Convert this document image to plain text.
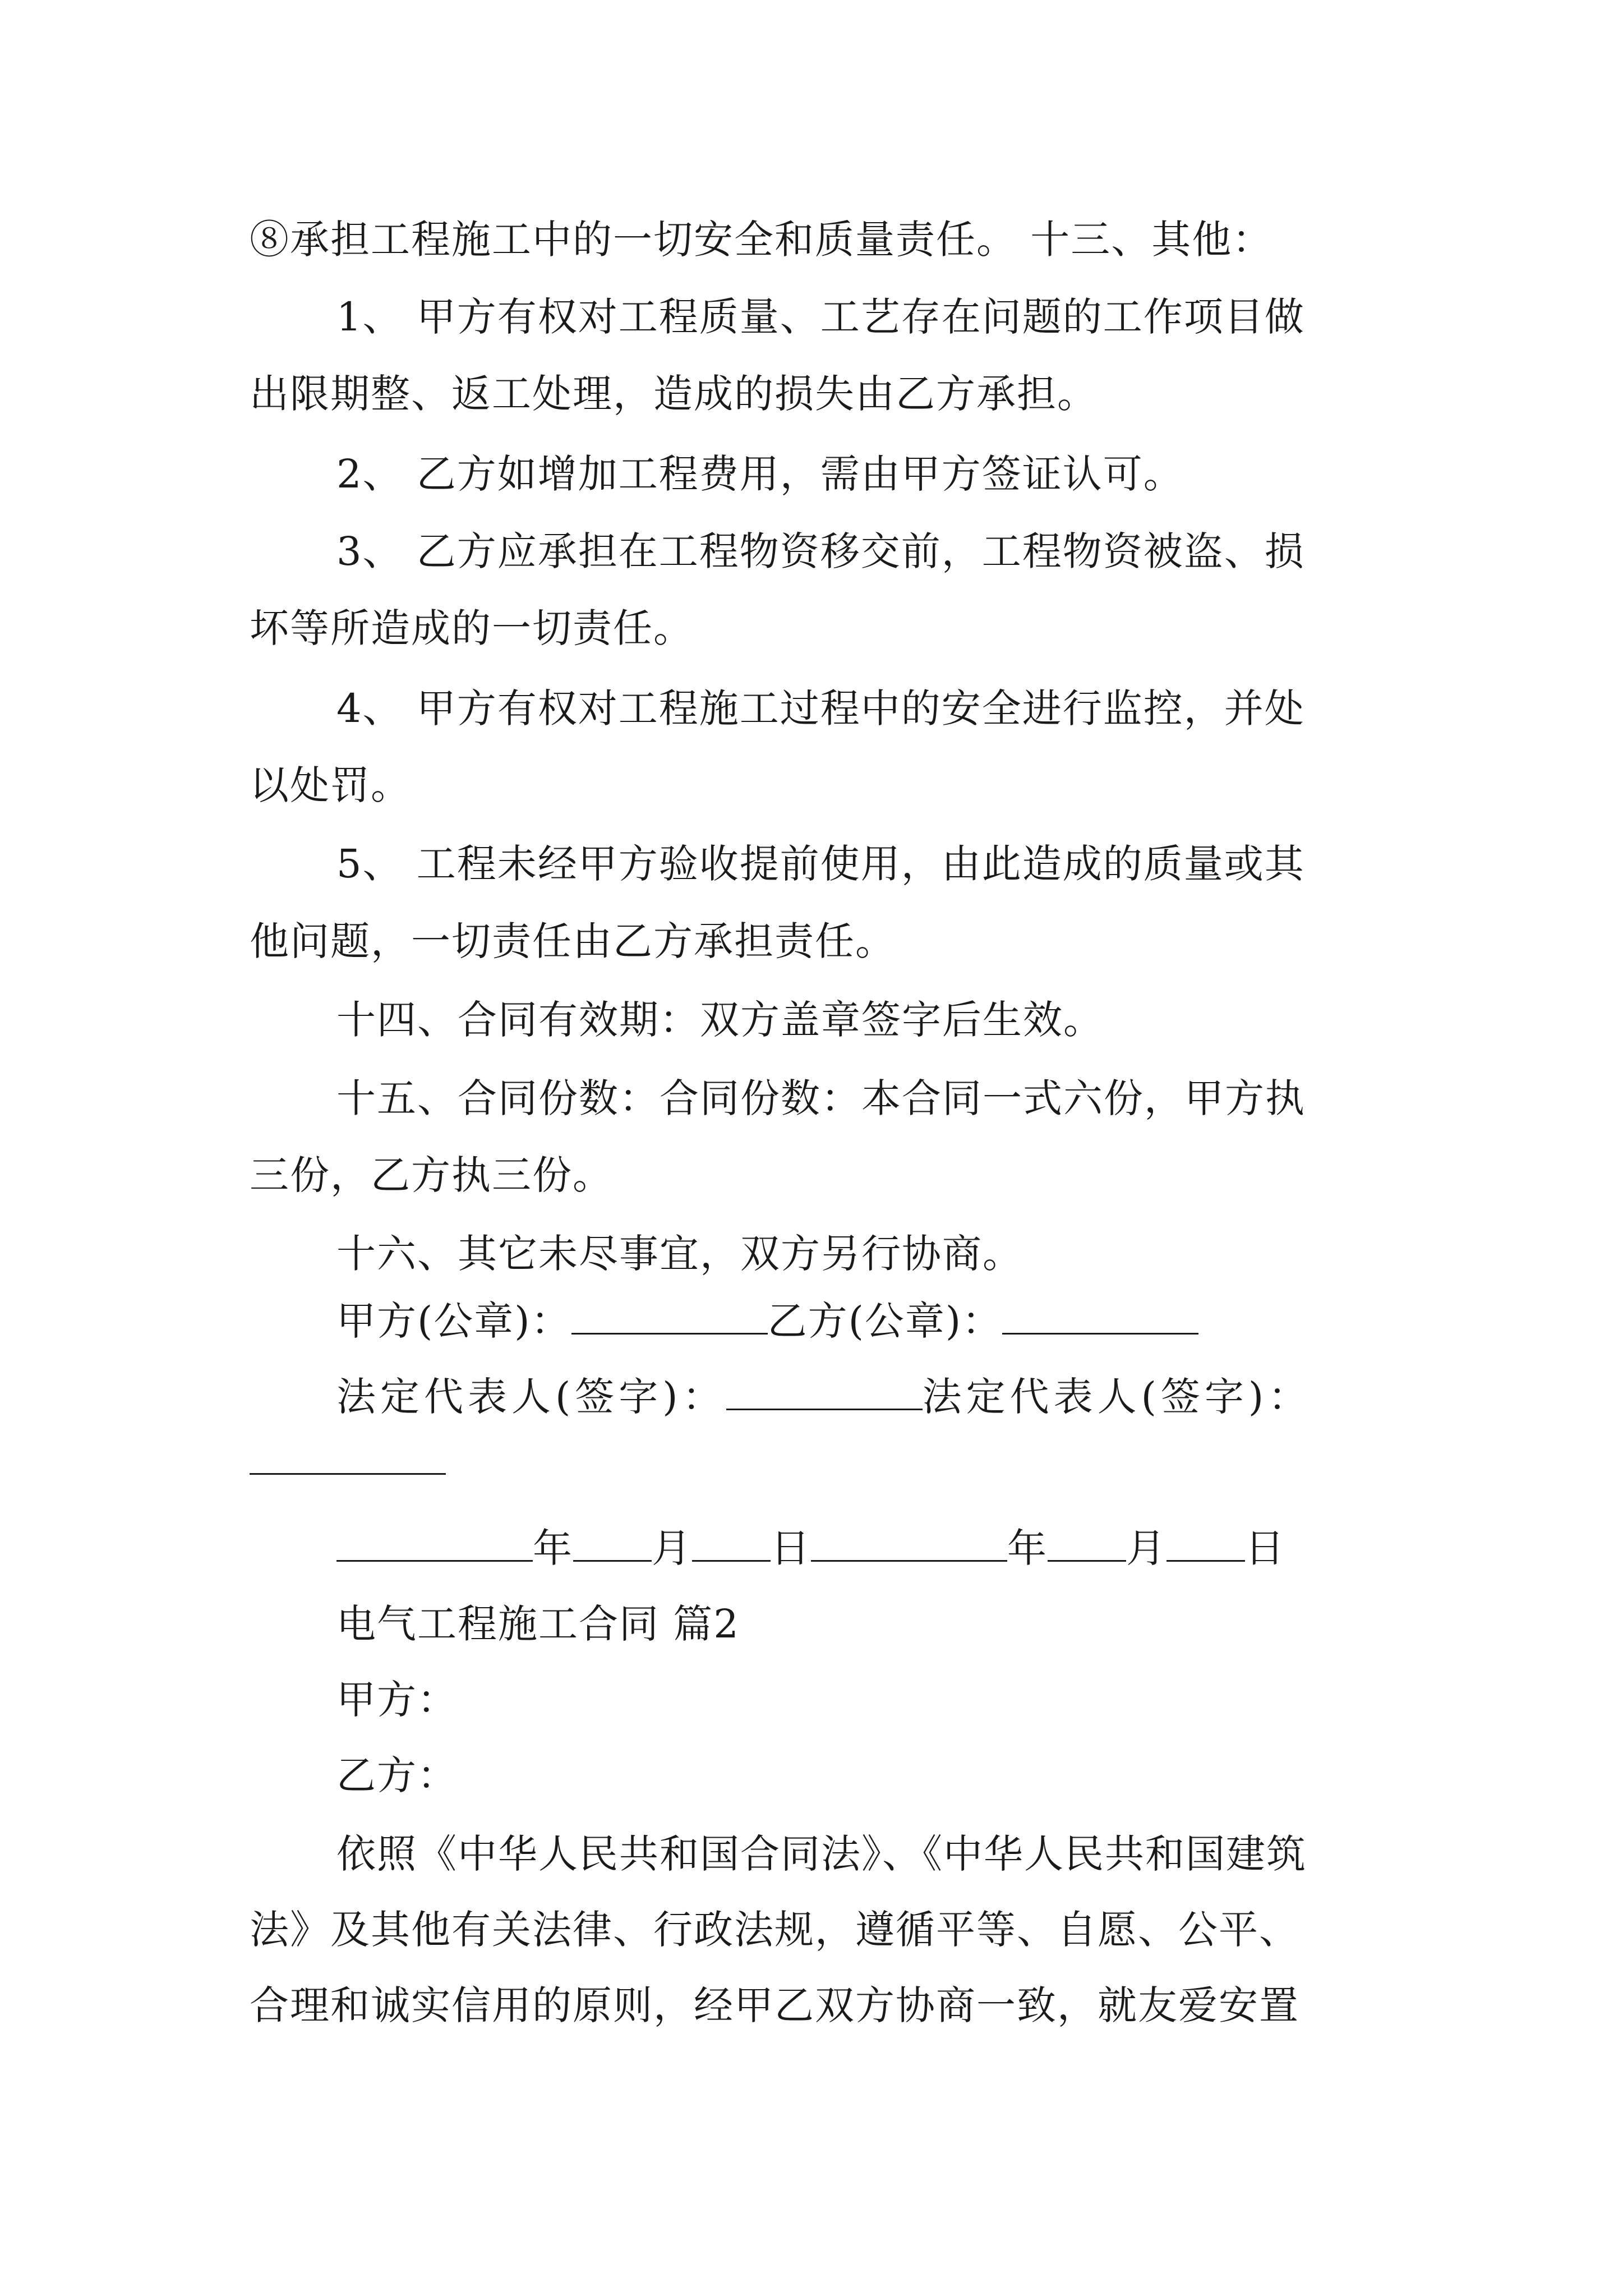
⑧承担工程施工中的一切安全和质量责任。 十三、其他：
1、 甲方有权对工程质量、工艺存在问题的工作项目做
出限期整、返工处理，造成的损失由乙方承担。
2、 乙方如增加工程费用，需由甲方签证认可。
3、 乙方应承担在工程物资移交前，工程物资被盗、损
坏等所造成的一切责任。
4、 甲方有权对工程施工过程中的安全进行监控，并处
以处罚。
5、 工程未经甲方验收提前使用，由此造成的质量或其
他问题，一切责任由乙方承担责任。
十四、合同有效期：双方盖章签字后生效。
十五、合同份数：合同份数：本合同一式六份，甲方执
三份，乙方执三份。
十六、其它未尽事宜，双方另行协商。
甲方(公章)：	乙方(公章)：
法定代表人(签字)：	法定代表人(签字)：
年 月 日	年 月 日
电气工程施工合同 篇2
甲方：
乙方：
依照《中华人民共和国合同法》、《中华人民共和国建筑
法》及其他有关法律、行政法规，遵循平等、自愿、公平、
合理和诚实信用的原则，经甲乙双方协商一致，就友爱安置
